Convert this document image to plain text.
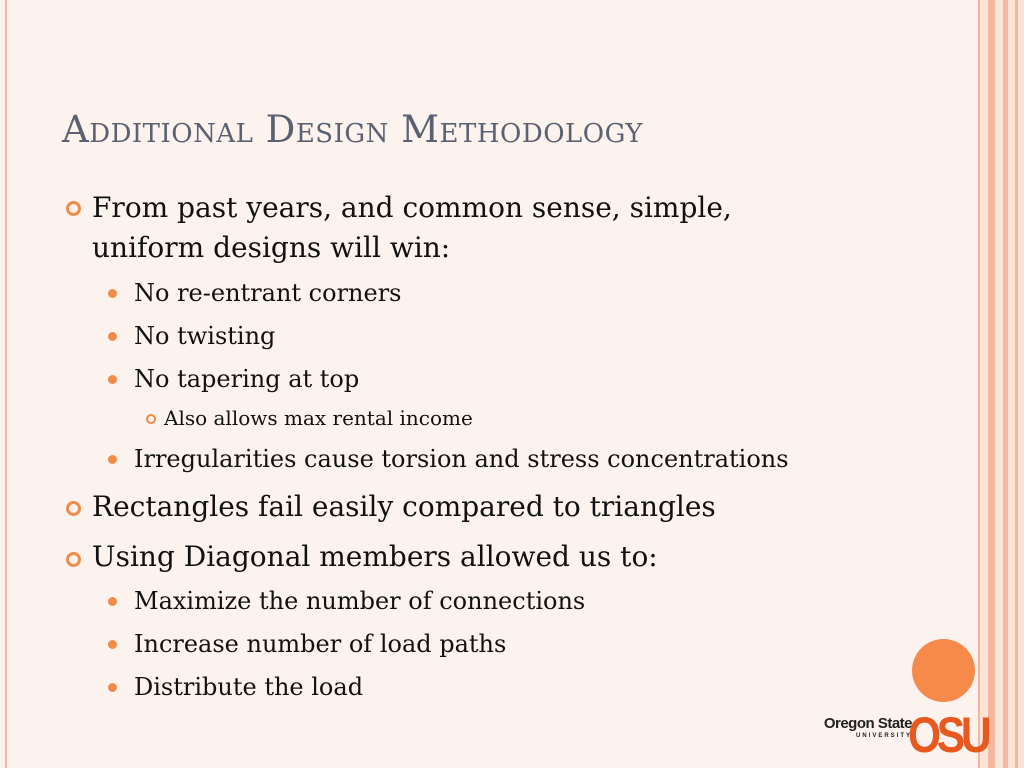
Additional Design Methodology
From past years, and common sense, simple,
uniform designs will win:
No re-entrant corners
No twisting
No tapering at top
Also allows max rental income
Irregularities cause torsion and stress concentrations
Rectangles fail easily compared to triangles
Using Diagonal members allowed us to:
Maximize the number of connections
Increase number of load paths
Distribute the load
Oregon State
UNIVERSITY
OSU
